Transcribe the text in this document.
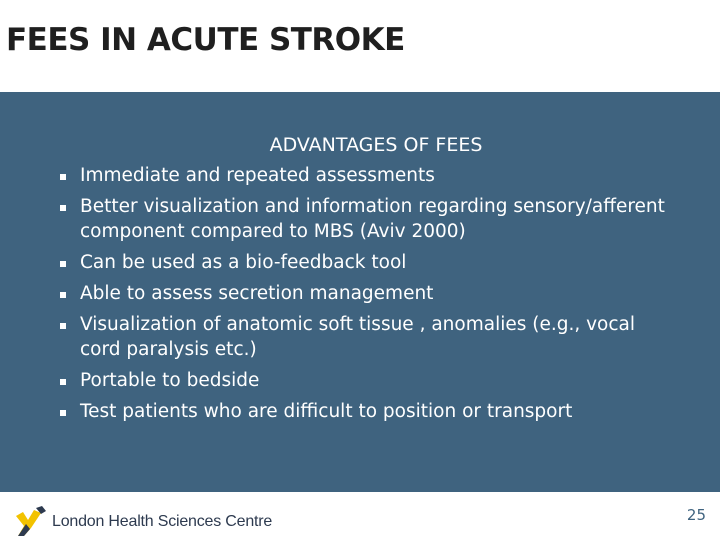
FEES IN ACUTE STROKE
ADVANTAGES OF FEES
Immediate and repeated assessments
Better visualization and information regarding sensory/afferent component compared to MBS (Aviv 2000)
Can be used as a bio-feedback tool
Able to assess secretion management
Visualization of anatomic soft tissue , anomalies (e.g., vocal cord paralysis etc.)
Portable to bedside
Test patients who are difficult to position or transport
London Health Sciences Centre	25
